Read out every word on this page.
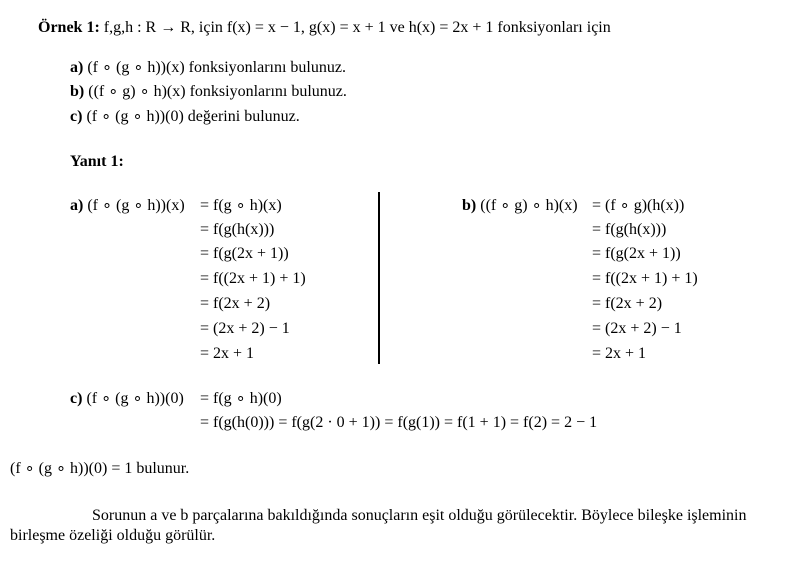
Örnek 1: f,g,h : R → R, için f(x) = x − 1, g(x) = x + 1 ve h(x) = 2x + 1 fonksiyonları için
a) (f ∘ (g ∘ h))(x) fonksiyonlarını bulunuz.
b) ((f ∘ g) ∘ h)(x) fonksiyonlarını bulunuz.
c) (f ∘ (g ∘ h))(0) değerini bulunuz.
Yanıt 1:
a) (f ∘ (g ∘ h))(x) = f(g ∘ h)(x)
= f(g(h(x)))
= f(g(2x + 1))
= f((2x + 1) + 1)
= f(2x + 2)
= (2x + 2) − 1
= 2x + 1
b) ((f ∘ g) ∘ h)(x) = (f ∘ g)(h(x))
= f(g(h(x)))
= f(g(2x + 1))
= f((2x + 1) + 1)
= f(2x + 2)
= (2x + 2) − 1
= 2x + 1
c) (f ∘ (g ∘ h))(0) = f(g ∘ h)(0)
= f(g(h(0))) = f(g(2 · 0 + 1)) = f(g(1)) = f(1 + 1) = f(2) = 2 − 1
(f ∘ (g ∘ h))(0) = 1 bulunur.
Sorunun a ve b parçalarına bakıldığında sonuçların eşit olduğu görülecektir. Böylece bileşke işleminin birleşme özeliği olduğu görülür.
